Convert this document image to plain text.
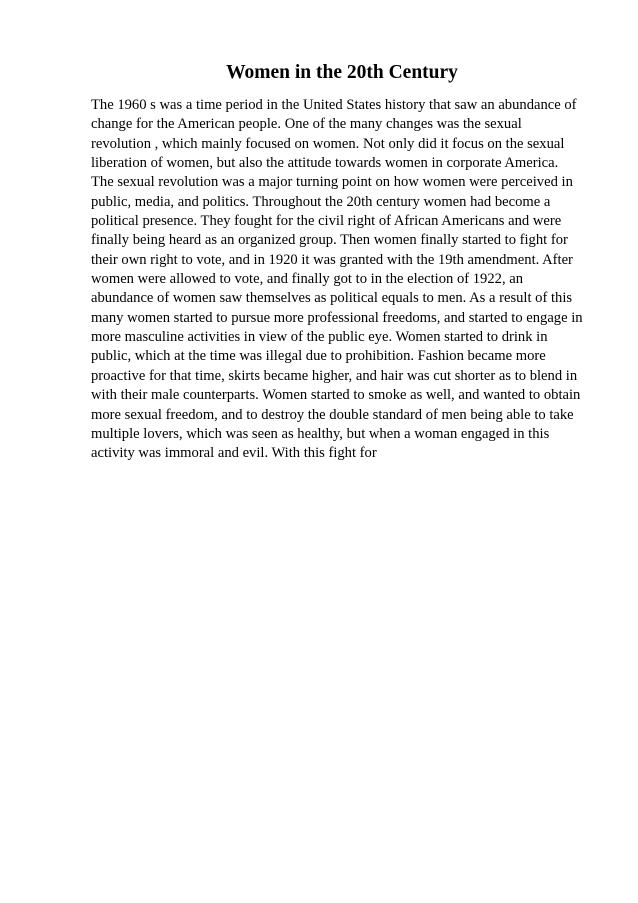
Women in the 20th Century

The 1960 s was a time period in the United States history that saw an abundance of
change for the American people. One of the many changes was the sexual
revolution , which mainly focused on women. Not only did it focus on the sexual
liberation of women, but also the attitude towards women in corporate America.
The sexual revolution was a major turning point on how women were perceived in
public, media, and politics. Throughout the 20th century women had become a
political presence. They fought for the civil right of African Americans and were
finally being heard as an organized group. Then women finally started to fight for
their own right to vote, and in 1920 it was granted with the 19th amendment. After
women were allowed to vote, and finally got to in the election of 1922, an
abundance of women saw themselves as political equals to men. As a result of this
many women started to pursue more professional freedoms, and started to engage in
more masculine activities in view of the public eye. Women started to drink in
public, which at the time was illegal due to prohibition. Fashion became more
proactive for that time, skirts became higher, and hair was cut shorter as to blend in
with their male counterparts. Women started to smoke as well, and wanted to obtain
more sexual freedom, and to destroy the double standard of men being able to take
multiple lovers, which was seen as healthy, but when a woman engaged in this
activity was immoral and evil. With this fight for
